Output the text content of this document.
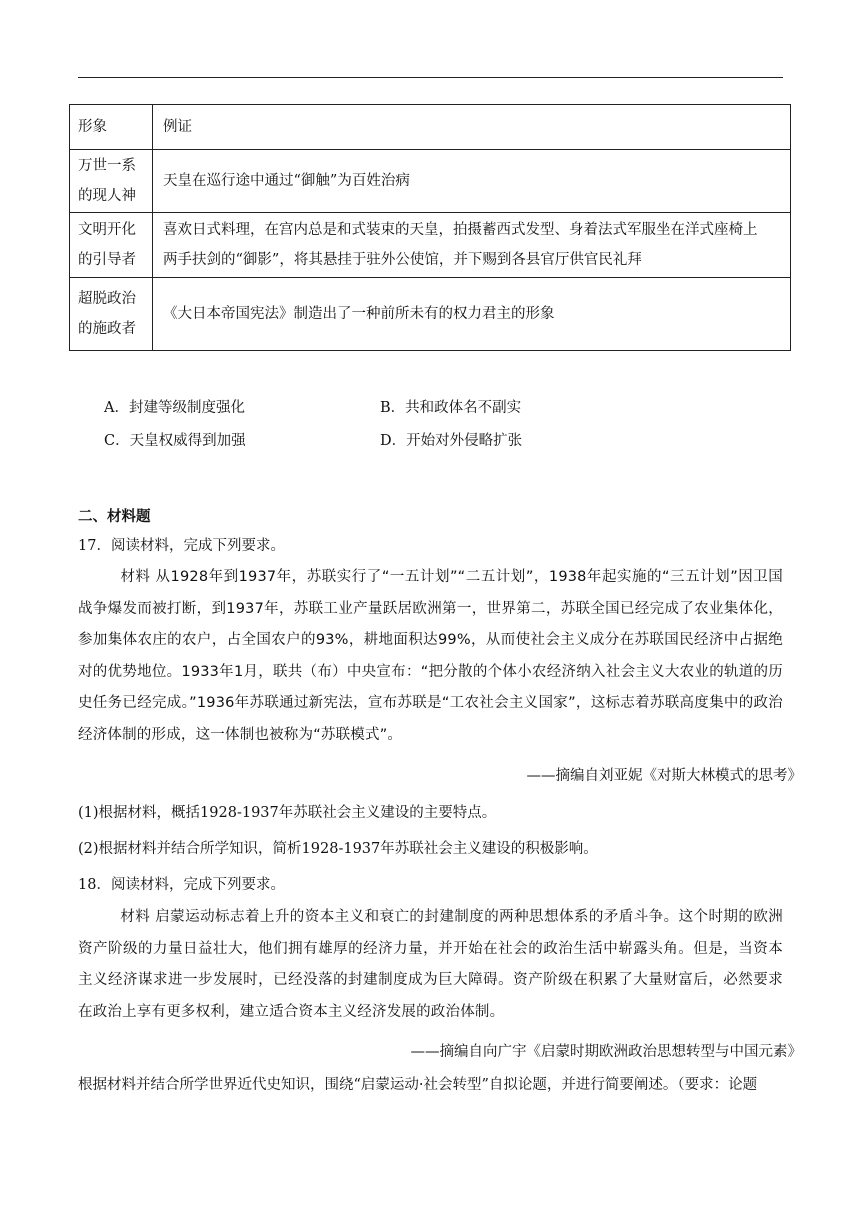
形象	例证
万世一系
的现人神	天皇在巡行途中通过“御触”为百姓治病
文明开化
的引导者	喜欢日式料理，在宫内总是和式装束的天皇，拍摄蓄西式发型、身着法式军服坐在洋式座椅上
两手扶剑的“御影”，将其悬挂于驻外公使馆，并下赐到各县官厅供官民礼拜
超脱政治
的施政者	《大日本帝国宪法》制造出了一种前所未有的权力君主的形象
A．封建等级制度强化	B．共和政体名不副实
C．天皇权威得到加强	D．开始对外侵略扩张
二、材料题
17．阅读材料，完成下列要求。
材料 从1928年到1937年，苏联实行了“一五计划”“二五计划”，1938年起实施的“三五计划”因卫国战争爆发而被打断，到1937年，苏联工业产量跃居欧洲第一，世界第二，苏联全国已经完成了农业集体化，参加集体农庄的农户，占全国农户的93%，耕地面积达99%，从而使社会主义成分在苏联国民经济中占据绝对的优势地位。1933年1月，联共（布）中央宣布：“把分散的个体小农经济纳入社会主义大农业的轨道的历史任务已经完成。”1936年苏联通过新宪法，宣布苏联是“工农社会主义国家”，这标志着苏联高度集中的政治经济体制的形成，这一体制也被称为“苏联模式”。
——摘编自刘亚妮《对斯大林模式的思考》
(1)根据材料，概括1928-1937年苏联社会主义建设的主要特点。
(2)根据材料并结合所学知识，简析1928-1937年苏联社会主义建设的积极影响。
18．阅读材料，完成下列要求。
材料 启蒙运动标志着上升的资本主义和衰亡的封建制度的两种思想体系的矛盾斗争。这个时期的欧洲资产阶级的力量日益壮大，他们拥有雄厚的经济力量，并开始在社会的政治生活中崭露头角。但是，当资本主义经济谋求进一步发展时，已经没落的封建制度成为巨大障碍。资产阶级在积累了大量财富后，必然要求在政治上享有更多权利，建立适合资本主义经济发展的政治体制。
——摘编自向广宇《启蒙时期欧洲政治思想转型与中国元素》
根据材料并结合所学世界近代史知识，围绕“启蒙运动·社会转型”自拟论题，并进行简要阐述。（要求：论题
